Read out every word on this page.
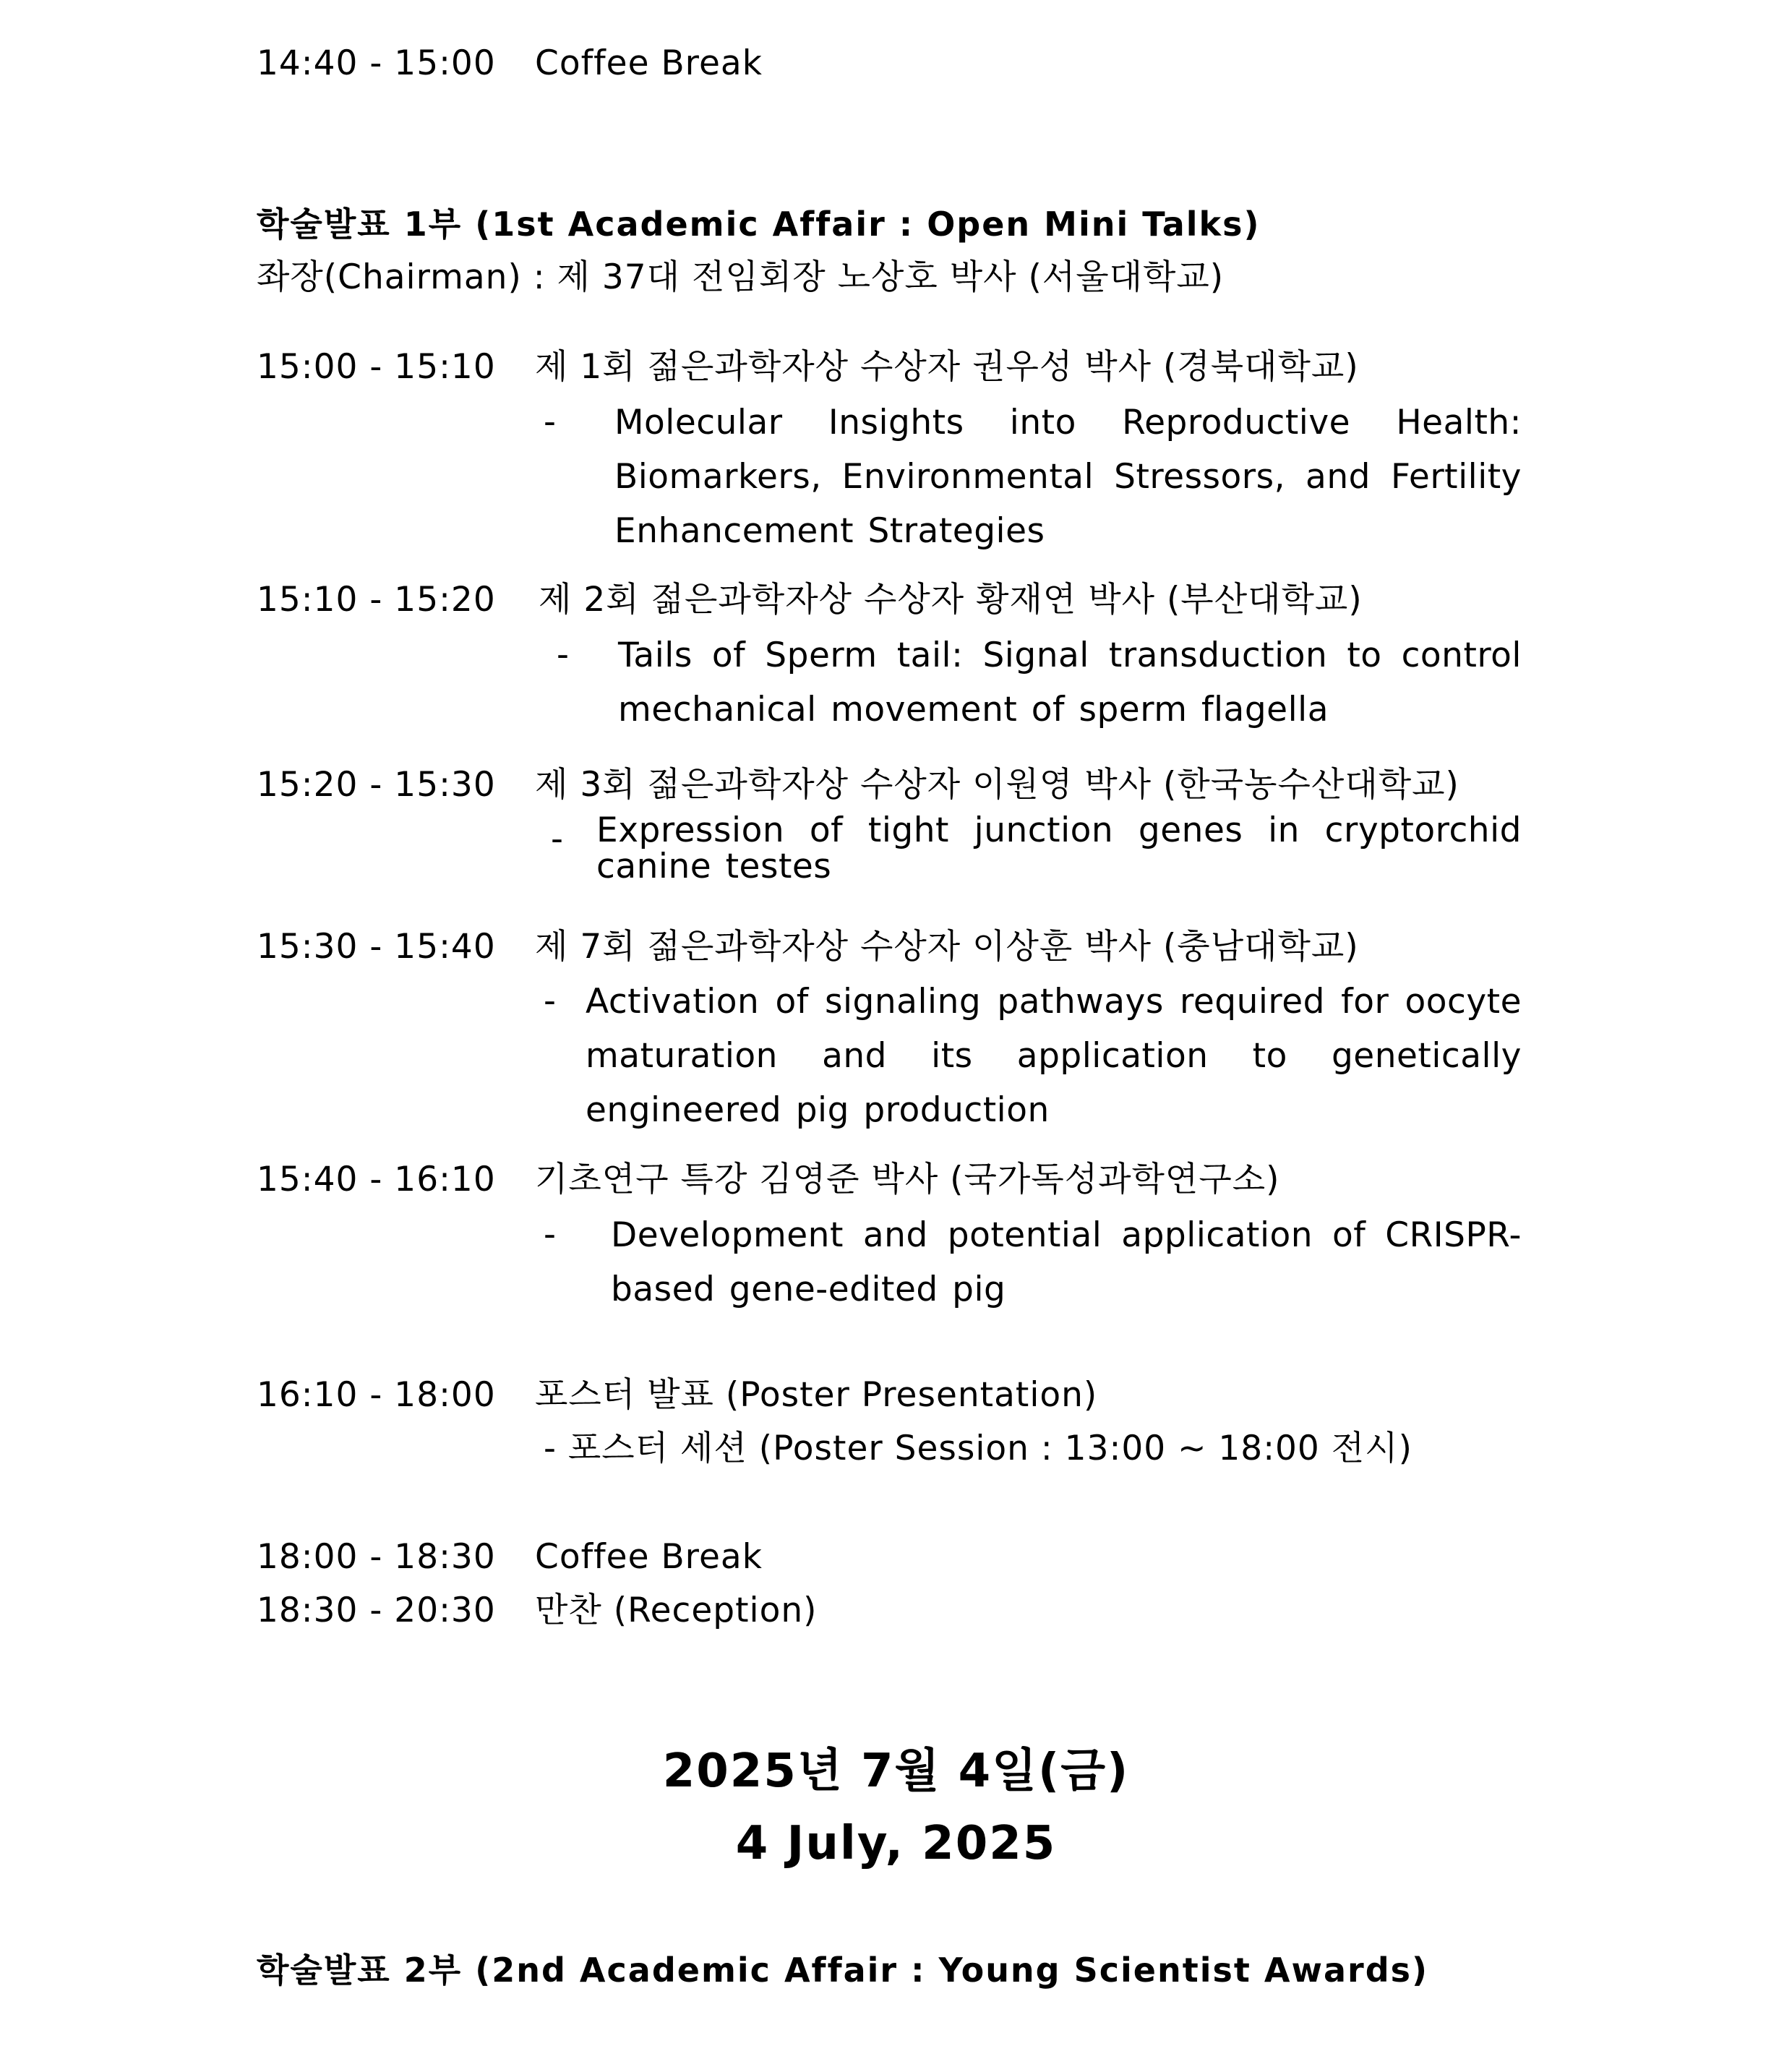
14:40 - 15:00 Coffee Break
학술발표 1부 (1st Academic Affair : Open Mini Talks)
좌장(Chairman) : 제 37대 전임회장 노상호 박사 (서울대학교)
15:00 - 15:10 제 1회 젊은과학자상 수상자 권우성 박사 (경북대학교)
- Molecular Insights into Reproductive Health: Biomarkers, Environmental Stressors, and Fertility Enhancement Strategies
15:10 - 15:20 제 2회 젊은과학자상 수상자 황재연 박사 (부산대학교)
- Tails of Sperm tail: Signal transduction to control mechanical movement of sperm flagella
15:20 - 15:30 제 3회 젊은과학자상 수상자 이원영 박사 (한국농수산대학교)
- Expression of tight junction genes in cryptorchid canine testes
15:30 - 15:40 제 7회 젊은과학자상 수상자 이상훈 박사 (충남대학교)
- Activation of signaling pathways required for oocyte maturation and its application to genetically engineered pig production
15:40 - 16:10 기초연구 특강 김영준 박사 (국가독성과학연구소)
- Development and potential application of CRISPR-based gene-edited pig
16:10 - 18:00 포스터 발표 (Poster Presentation)
- 포스터 세션 (Poster Session : 13:00 ~ 18:00 전시)
18:00 - 18:30 Coffee Break
18:30 - 20:30 만찬 (Reception)
2025년 7월 4일(금)
4 July, 2025
학술발표 2부 (2nd Academic Affair : Young Scientist Awards)
